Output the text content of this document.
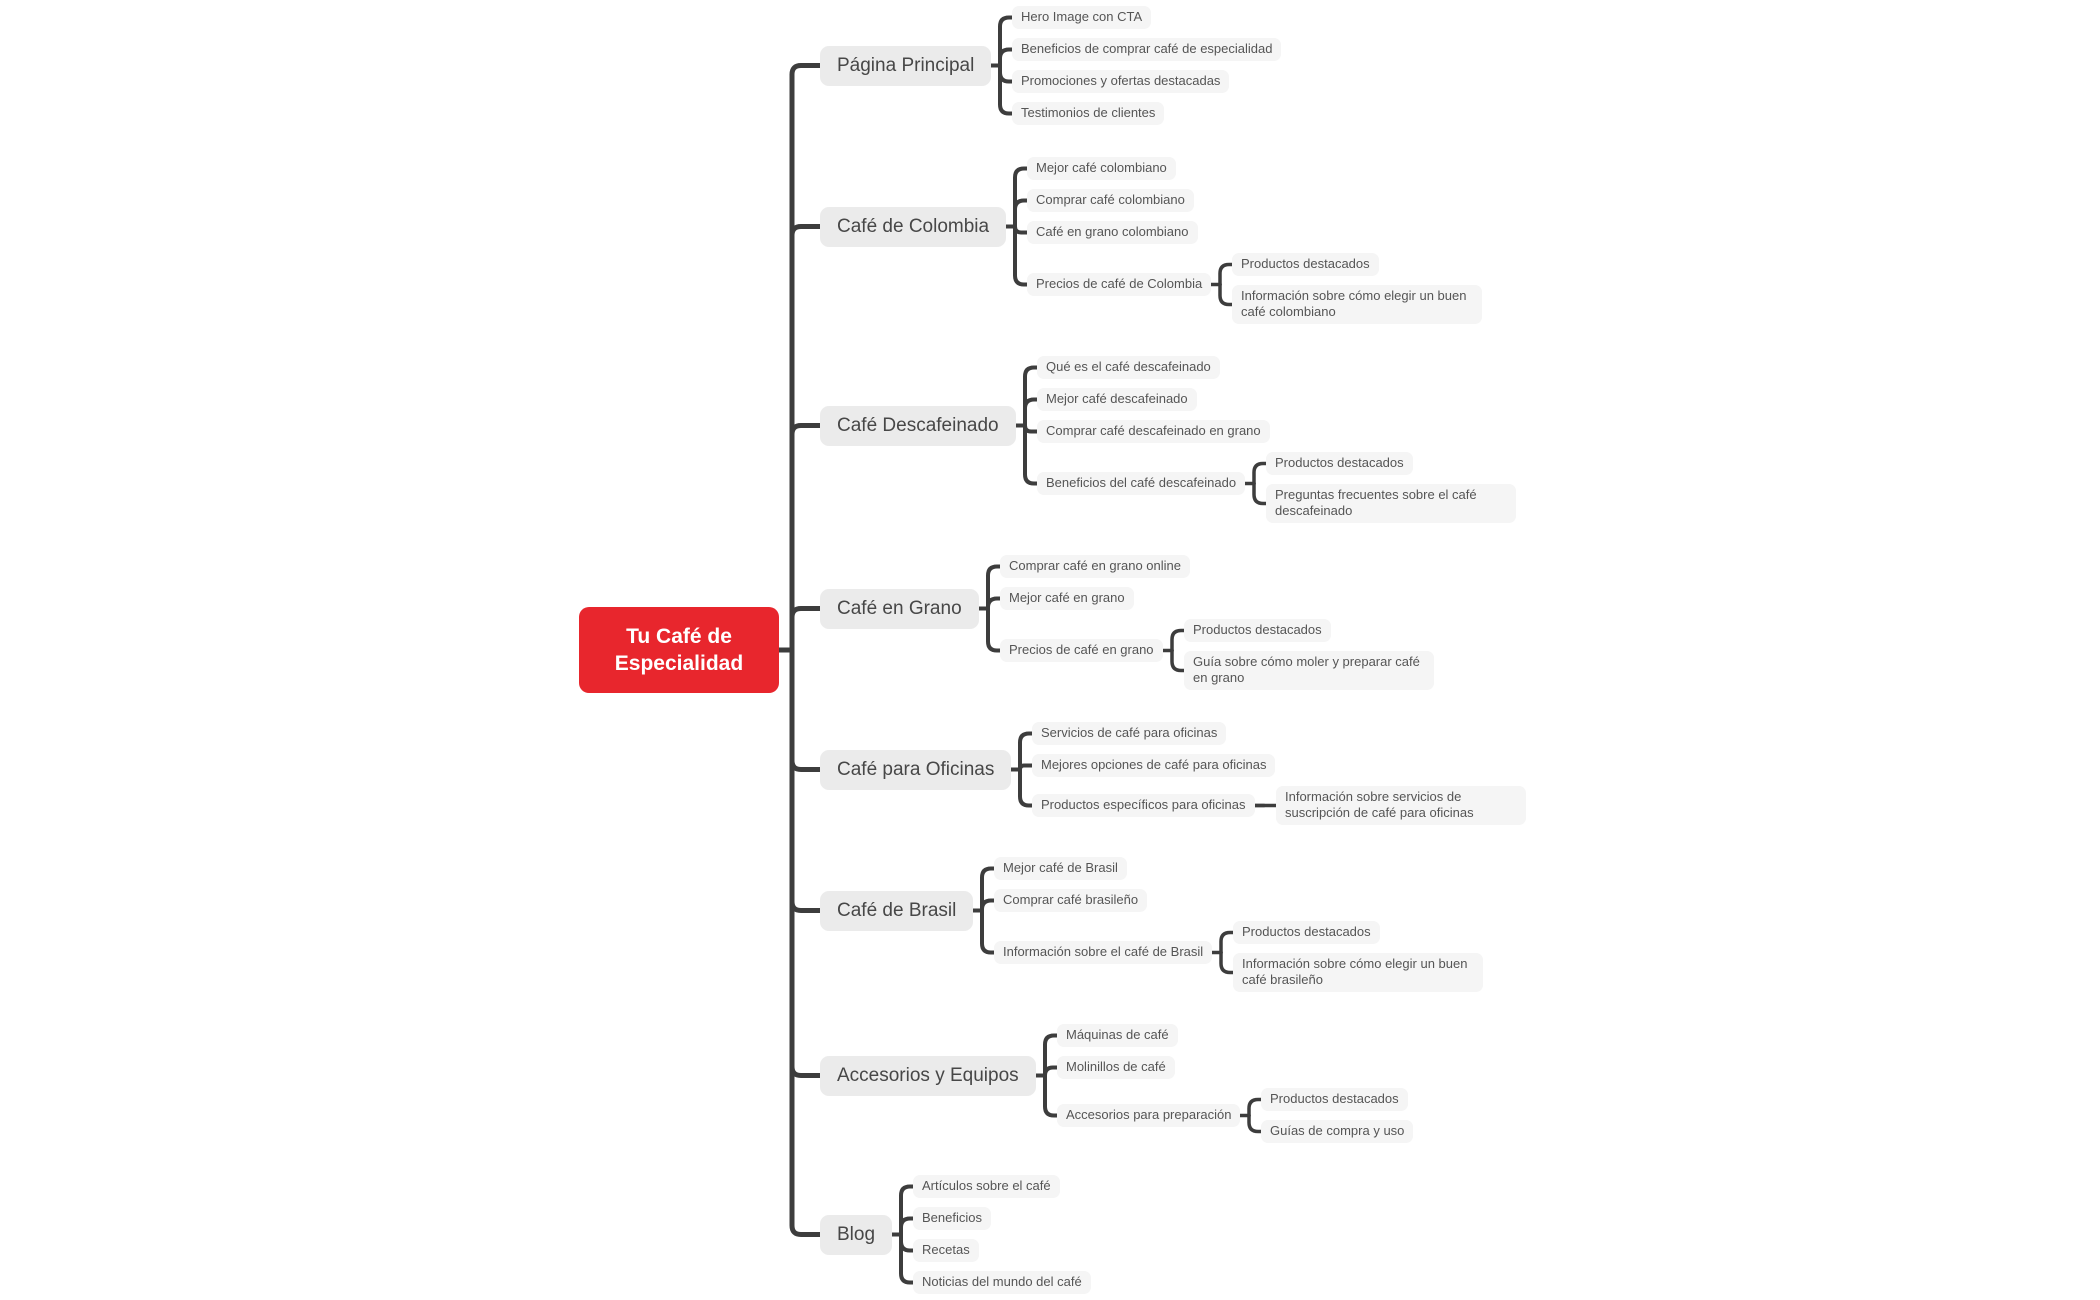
Tu Café de Especialidad
Página Principal
Hero Image con CTA
Beneficios de comprar café de especialidad
Promociones y ofertas destacadas
Testimonios de clientes
Café de Colombia
Mejor café colombiano
Comprar café colombiano
Café en grano colombiano
Precios de café de Colombia
Productos destacados
Información sobre cómo elegir un buen café colombiano
Café Descafeinado
Qué es el café descafeinado
Mejor café descafeinado
Comprar café descafeinado en grano
Beneficios del café descafeinado
Productos destacados
Preguntas frecuentes sobre el café descafeinado
Café en Grano
Comprar café en grano online
Mejor café en grano
Precios de café en grano
Productos destacados
Guía sobre cómo moler y preparar café en grano
Café para Oficinas
Servicios de café para oficinas
Mejores opciones de café para oficinas
Productos específicos para oficinas
Información sobre servicios de suscripción de café para oficinas
Café de Brasil
Mejor café de Brasil
Comprar café brasileño
Información sobre el café de Brasil
Productos destacados
Información sobre cómo elegir un buen café brasileño
Accesorios y Equipos
Máquinas de café
Molinillos de café
Accesorios para preparación
Productos destacados
Guías de compra y uso
Blog
Artículos sobre el café
Beneficios
Recetas
Noticias del mundo del café
